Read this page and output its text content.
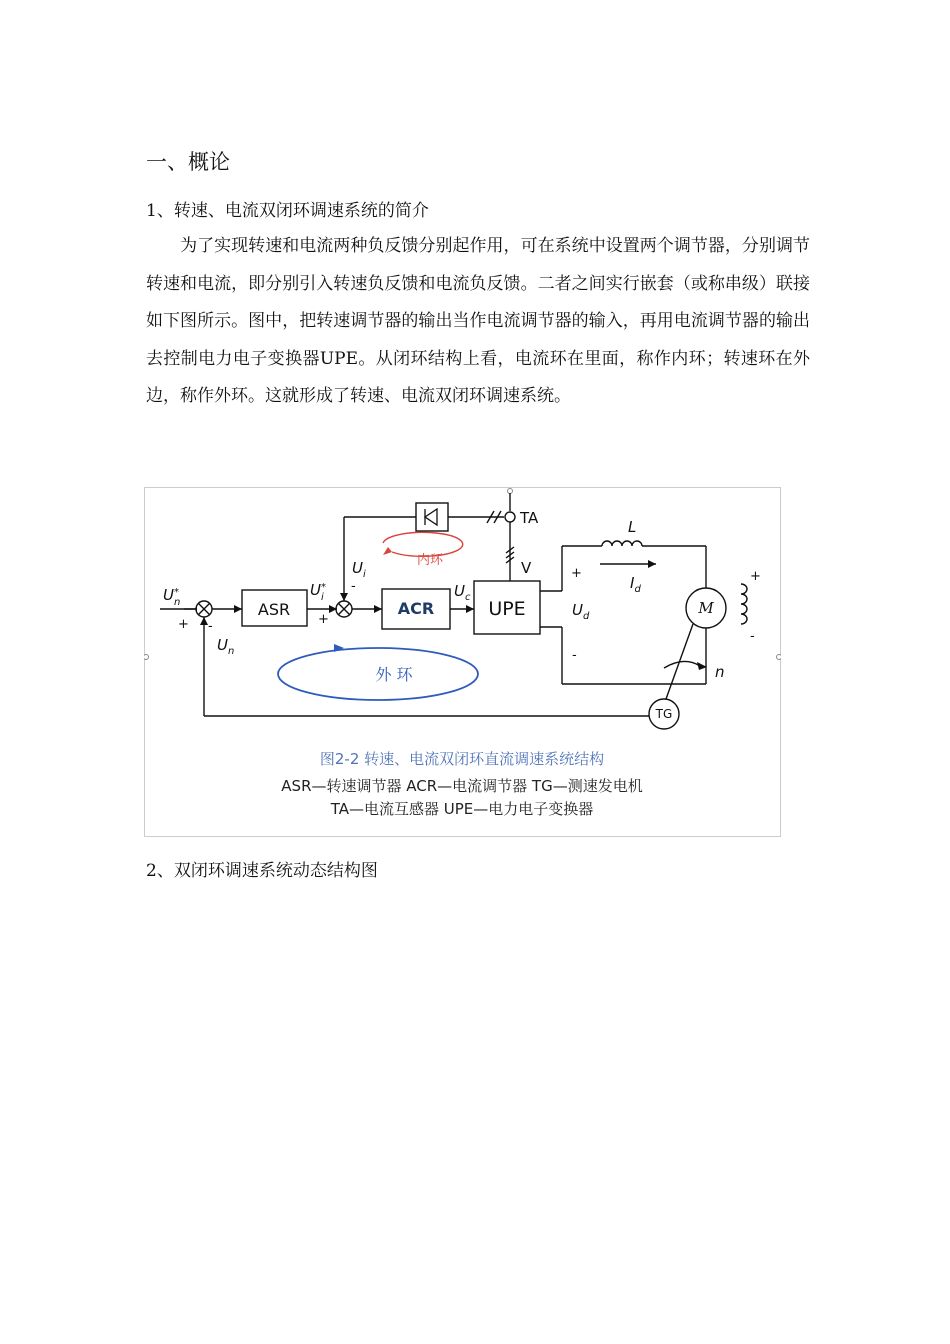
一、概论
1、转速、电流双闭环调速系统的简介

　　为了实现转速和电流两种负反馈分别起作用，可在系统中设置两个调节器，分别调节转速和电流，即分别引入转速负反馈和电流负反馈。二者之间实行嵌套（或称串级）联接如下图所示。图中，把转速调节器的输出当作电流调节器的输入，再用电流调节器的输出去控制电力电子变换器UPE。从闭环结构上看，电流环在里面，称作内环；转速环在外边，称作外环。这就形成了转速、电流双闭环调速系统。

ASR	ACR	UPE	M
TG
TA
V
内环
外 环
U* n
$U_n$
U* i
$U_i$
$U_c$
$U_d$
$I_d$
L
n
+ -	+
-
+
-
+
-
图2-2 转速、电流双闭环直流调速系统结构
ASR—转速调节器 ACR—电流调节器 TG—测速发电机
TA—电流互感器 UPE—电力电子变换器
2、双闭环调速系统动态结构图
